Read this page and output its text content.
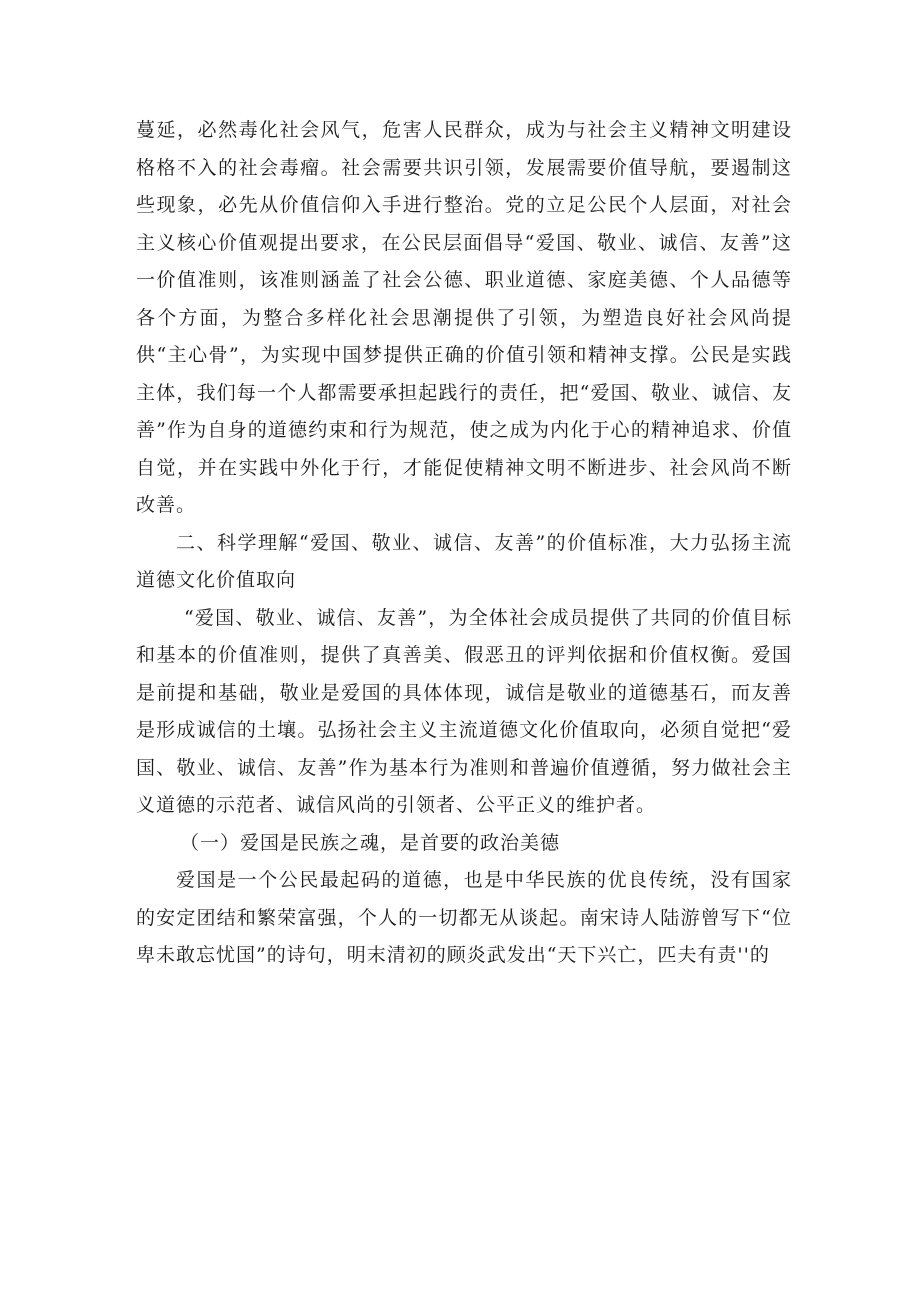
蔓延，必然毒化社会风气，危害人民群众，成为与社会主义精神文明建设格格不入的社会毒瘤。社会需要共识引领，发展需要价值导航，要遏制这些现象，必先从价值信仰入手进行整治。党的立足公民个人层面，对社会主义核心价值观提出要求，在公民层面倡导“爱国、敬业、诚信、友善”这一价值准则，该准则涵盖了社会公德、职业道德、家庭美德、个人品德等各个方面，为整合多样化社会思潮提供了引领，为塑造良好社会风尚提供“主心骨”，为实现中国梦提供正确的价值引领和精神支撑。公民是实践主体，我们每一个人都需要承担起践行的责任，把“爱国、敬业、诚信、友善”作为自身的道德约束和行为规范，使之成为内化于心的精神追求、价值自觉，并在实践中外化于行，才能促使精神文明不断进步、社会风尚不断改善。

二、科学理解“爱国、敬业、诚信、友善”的价值标准，大力弘扬主流道德文化价值取向

“爱国、敬业、诚信、友善”，为全体社会成员提供了共同的价值目标和基本的价值准则，提供了真善美、假恶丑的评判依据和价值权衡。爱国是前提和基础，敬业是爱国的具体体现，诚信是敬业的道德基石，而友善是形成诚信的土壤。弘扬社会主义主流道德文化价值取向，必须自觉把“爱国、敬业、诚信、友善”作为基本行为准则和普遍价值遵循，努力做社会主义道德的示范者、诚信风尚的引领者、公平正义的维护者。

（一）爱国是民族之魂，是首要的政治美德

爱国是一个公民最起码的道德，也是中华民族的优良传统，没有国家的安定团结和繁荣富强，个人的一切都无从谈起。南宋诗人陆游曾写下“位卑未敢忘忧国”的诗句，明末清初的顾炎武发出“天下兴亡，匹夫有责''的
